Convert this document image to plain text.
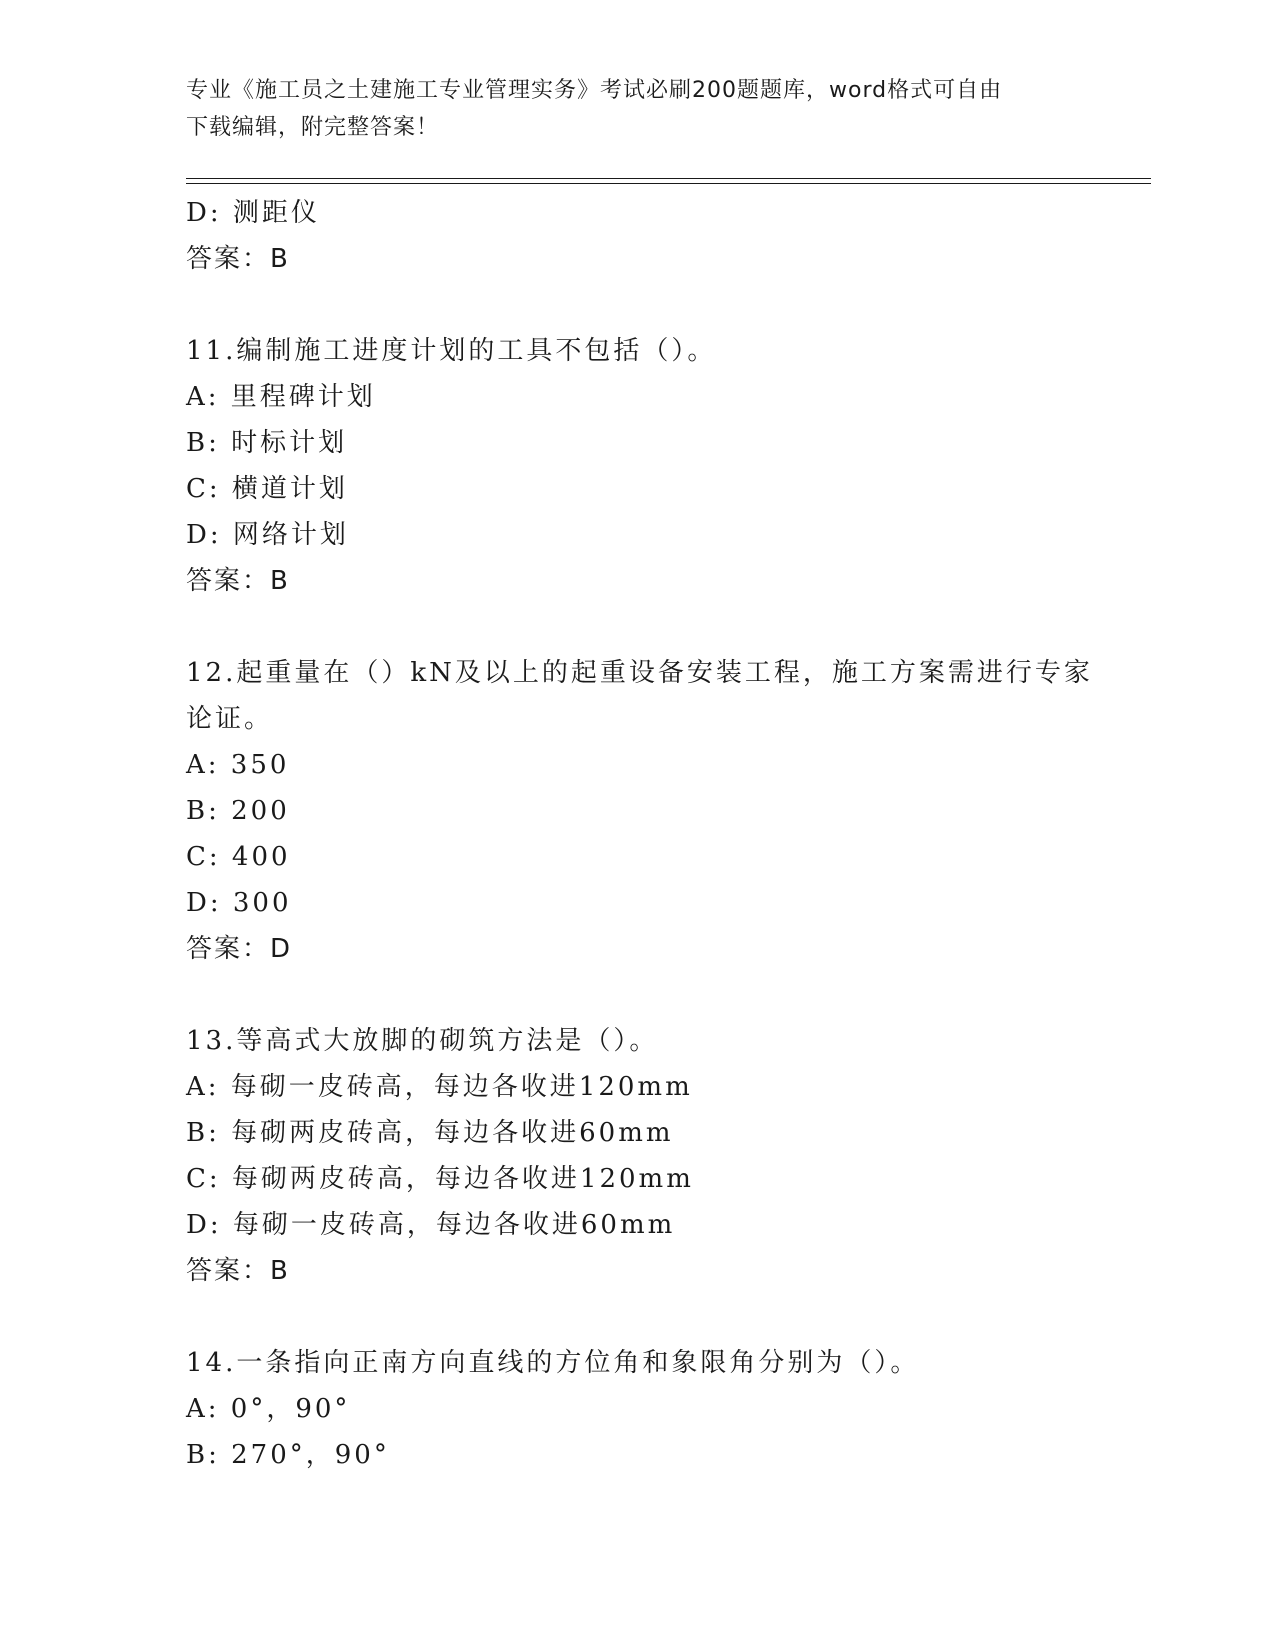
专业《施工员之土建施工专业管理实务》考试必刷200题题库，word格式可自由
下载编辑，附完整答案！
D: 测距仪
答案：B
11.编制施工进度计划的工具不包括（）。
A: 里程碑计划
B: 时标计划
C: 横道计划
D: 网络计划
答案：B
12.起重量在（）kN及以上的起重设备安装工程，施工方案需进行专家
论证。
A: 350
B: 200
C: 400
D: 300
答案：D
13.等高式大放脚的砌筑方法是（）。
A: 每砌一皮砖高，每边各收进120mm
B: 每砌两皮砖高，每边各收进60mm
C: 每砌两皮砖高，每边各收进120mm
D: 每砌一皮砖高，每边各收进60mm
答案：B
14.一条指向正南方向直线的方位角和象限角分别为（）。
A: 0°，90°
B: 270°，90°
